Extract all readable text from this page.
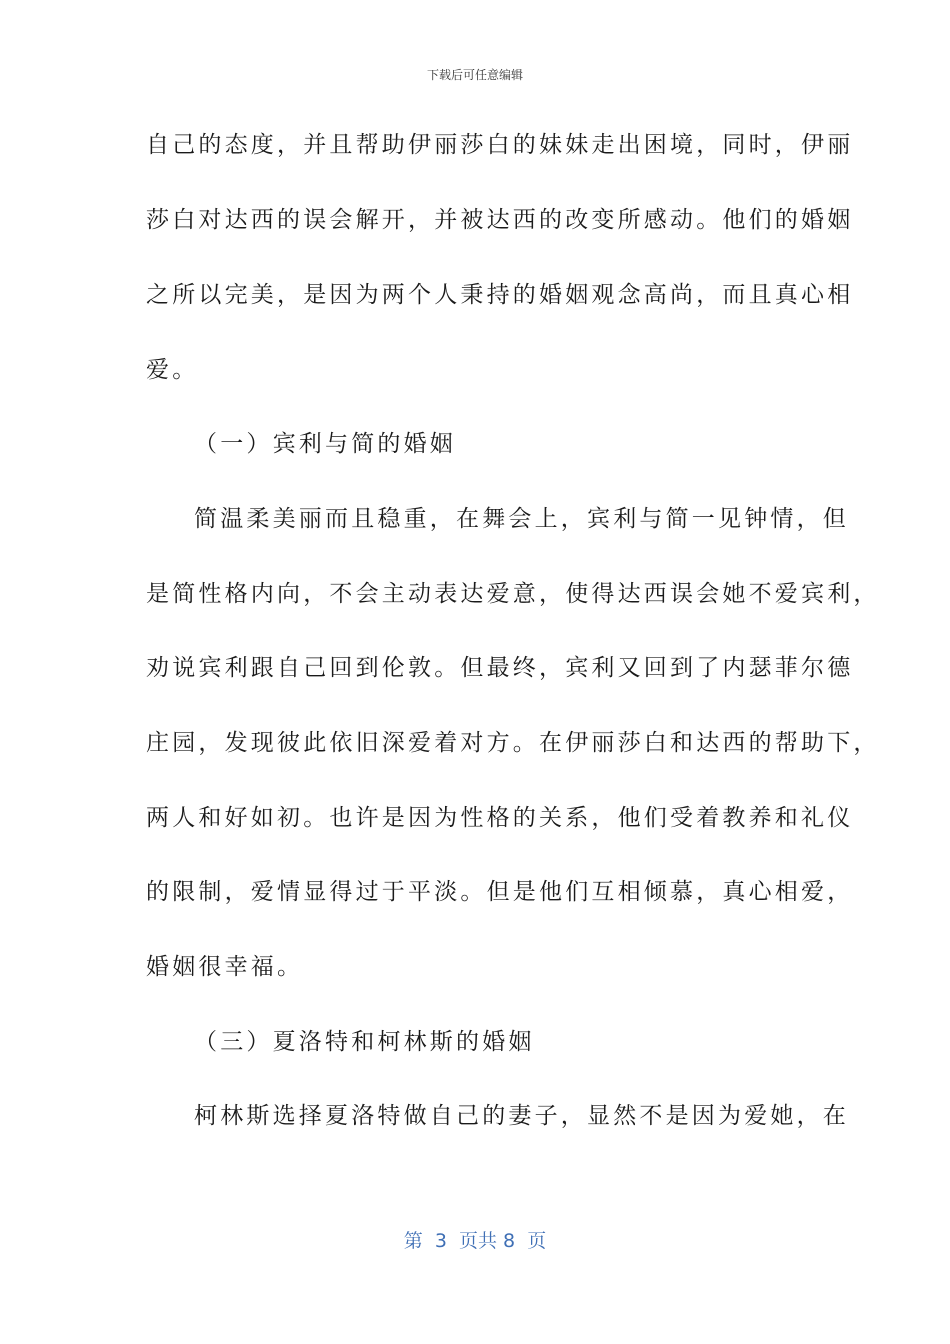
下载后可任意编辑
自己的态度，并且帮助伊丽莎白的妹妹走出困境，同时，伊丽
莎白对达西的误会解开，并被达西的改变所感动。他们的婚姻
之所以完美，是因为两个人秉持的婚姻观念高尚，而且真心相
爱。
（一）宾利与简的婚姻
简温柔美丽而且稳重，在舞会上，宾利与简一见钟情，但
是简性格内向，不会主动表达爱意，使得达西误会她不爱宾利，
劝说宾利跟自己回到伦敦。但最终，宾利又回到了内瑟菲尔德
庄园，发现彼此依旧深爱着对方。在伊丽莎白和达西的帮助下，
两人和好如初。也许是因为性格的关系，他们受着教养和礼仪
的限制，爱情显得过于平淡。但是他们互相倾慕，真心相爱，
婚姻很幸福。
（三）夏洛特和柯林斯的婚姻
柯林斯选择夏洛特做自己的妻子，显然不是因为爱她，在
第  3  页共 8  页
